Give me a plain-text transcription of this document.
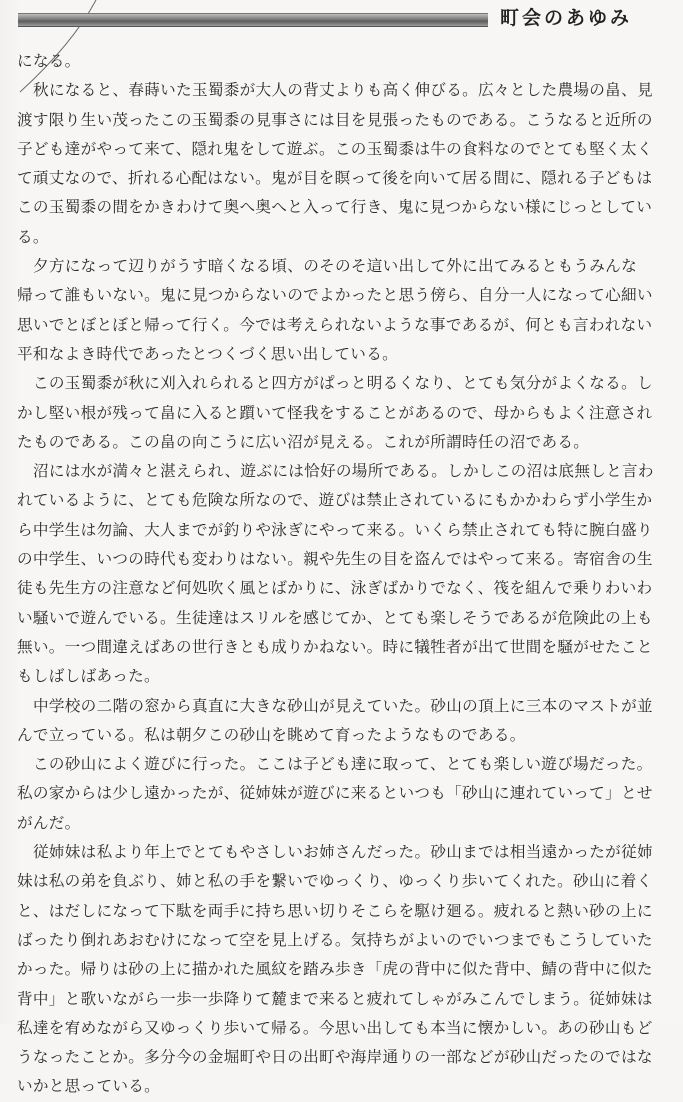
町会のあゆみ
になる。
秋になると、春蒔いた玉蜀黍が大人の背丈よりも高く伸びる。広々とした農場の畠、見
渡す限り生い茂ったこの玉蜀黍の見事さには目を見張ったものである。こうなると近所の
子ども達がやって来て、隠れ鬼をして遊ぶ。この玉蜀黍は牛の食料なのでとても堅く太く
て頑丈なので、折れる心配はない。鬼が目を瞑って後を向いて居る間に、隠れる子どもは
この玉蜀黍の間をかきわけて奥へ奥へと入って行き、鬼に見つからない様にじっとしてい
る。
夕方になって辺りがうす暗くなる頃、のそのそ這い出して外に出てみるともうみんな
帰って誰もいない。鬼に見つからないのでよかったと思う傍ら、自分一人になって心細い
思いでとぼとぼと帰って行く。今では考えられないような事であるが、何とも言われない
平和なよき時代であったとつくづく思い出している。
この玉蜀黍が秋に刈入れられると四方がぱっと明るくなり、とても気分がよくなる。し
かし堅い根が残って畠に入ると躓いて怪我をすることがあるので、母からもよく注意され
たものである。この畠の向こうに広い沼が見える。これが所謂時任の沼である。
沼には水が満々と湛えられ、遊ぶには恰好の場所である。しかしこの沼は底無しと言わ
れているように、とても危険な所なので、遊びは禁止されているにもかかわらず小学生か
ら中学生は勿論、大人までが釣りや泳ぎにやって来る。いくら禁止されても特に腕白盛り
の中学生、いつの時代も変わりはない。親や先生の目を盗んではやって来る。寄宿舎の生
徒も先生方の注意など何処吹く風とばかりに、泳ぎばかりでなく、筏を組んで乗りわいわ
い騒いで遊んでいる。生徒達はスリルを感じてか、とても楽しそうであるが危険此の上も
無い。一つ間違えばあの世行きとも成りかねない。時に犠牲者が出て世間を騒がせたこと
もしばしばあった。
中学校の二階の窓から真直に大きな砂山が見えていた。砂山の頂上に三本のマストが並
んで立っている。私は朝夕この砂山を眺めて育ったようなものである。
この砂山によく遊びに行った。ここは子ども達に取って、とても楽しい遊び場だった。
私の家からは少し遠かったが、従姉妹が遊びに来るといつも「砂山に連れていって」とせ
がんだ。
従姉妹は私より年上でとてもやさしいお姉さんだった。砂山までは相当遠かったが従姉
妹は私の弟を負ぶり、姉と私の手を繋いでゆっくり、ゆっくり歩いてくれた。砂山に着く
と、はだしになって下駄を両手に持ち思い切りそこらを駆け廻る。疲れると熱い砂の上に
ばったり倒れあおむけになって空を見上げる。気持ちがよいのでいつまでもこうしていた
かった。帰りは砂の上に描かれた風紋を踏み歩き「虎の背中に似た背中、鯖の背中に似た
背中」と歌いながら一歩一歩降りて麓まで来ると疲れてしゃがみこんでしまう。従姉妹は
私達を宥めながら又ゆっくり歩いて帰る。今思い出しても本当に懐かしい。あの砂山もど
うなったことか。多分今の金堀町や日の出町や海岸通りの一部などが砂山だったのではな
いかと思っている。
